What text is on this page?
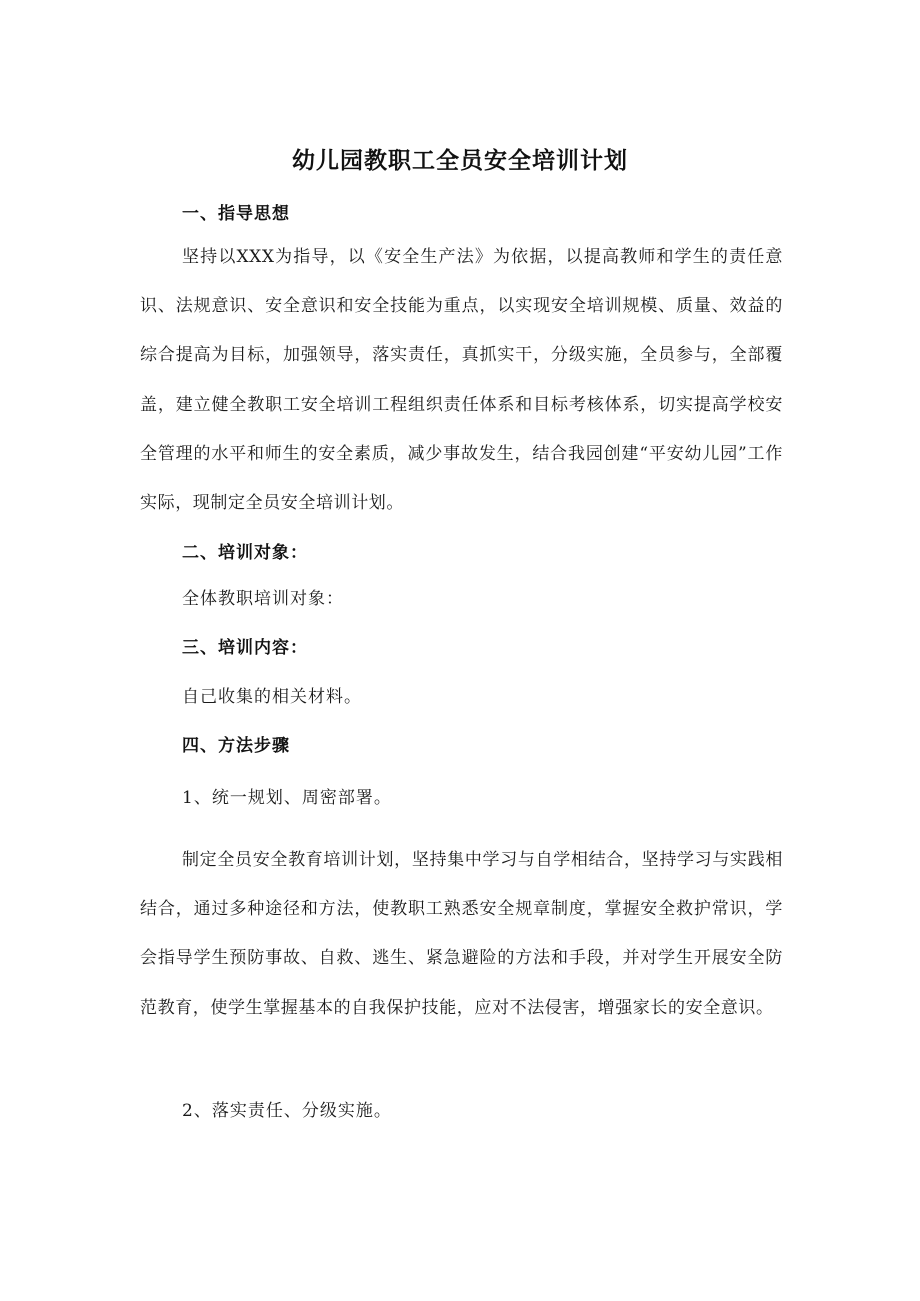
幼儿园教职工全员安全培训计划
一、指导思想

坚持以XXX为指导，以《安全生产法》为依据，以提高教师和学生的责任意识、法规意识、安全意识和安全技能为重点，以实现安全培训规模、质量、效益的综合提高为目标，加强领导，落实责任，真抓实干，分级实施，全员参与，全部覆盖，建立健全教职工安全培训工程组织责任体系和目标考核体系，切实提高学校安全管理的水平和师生的安全素质，减少事故发生，结合我园创建“平安幼儿园”工作实际，现制定全员安全培训计划。

二、培训对象：

全体教职培训对象：

三、培训内容：

自己收集的相关材料。

四、方法步骤

1、统一规划、周密部署。

制定全员安全教育培训计划，坚持集中学习与自学相结合，坚持学习与实践相结合，通过多种途径和方法，使教职工熟悉安全规章制度，掌握安全救护常识，学会指导学生预防事故、自救、逃生、紧急避险的方法和手段，并对学生开展安全防范教育，使学生掌握基本的自我保护技能，应对不法侵害，增强家长的安全意识。

2、落实责任、分级实施。
